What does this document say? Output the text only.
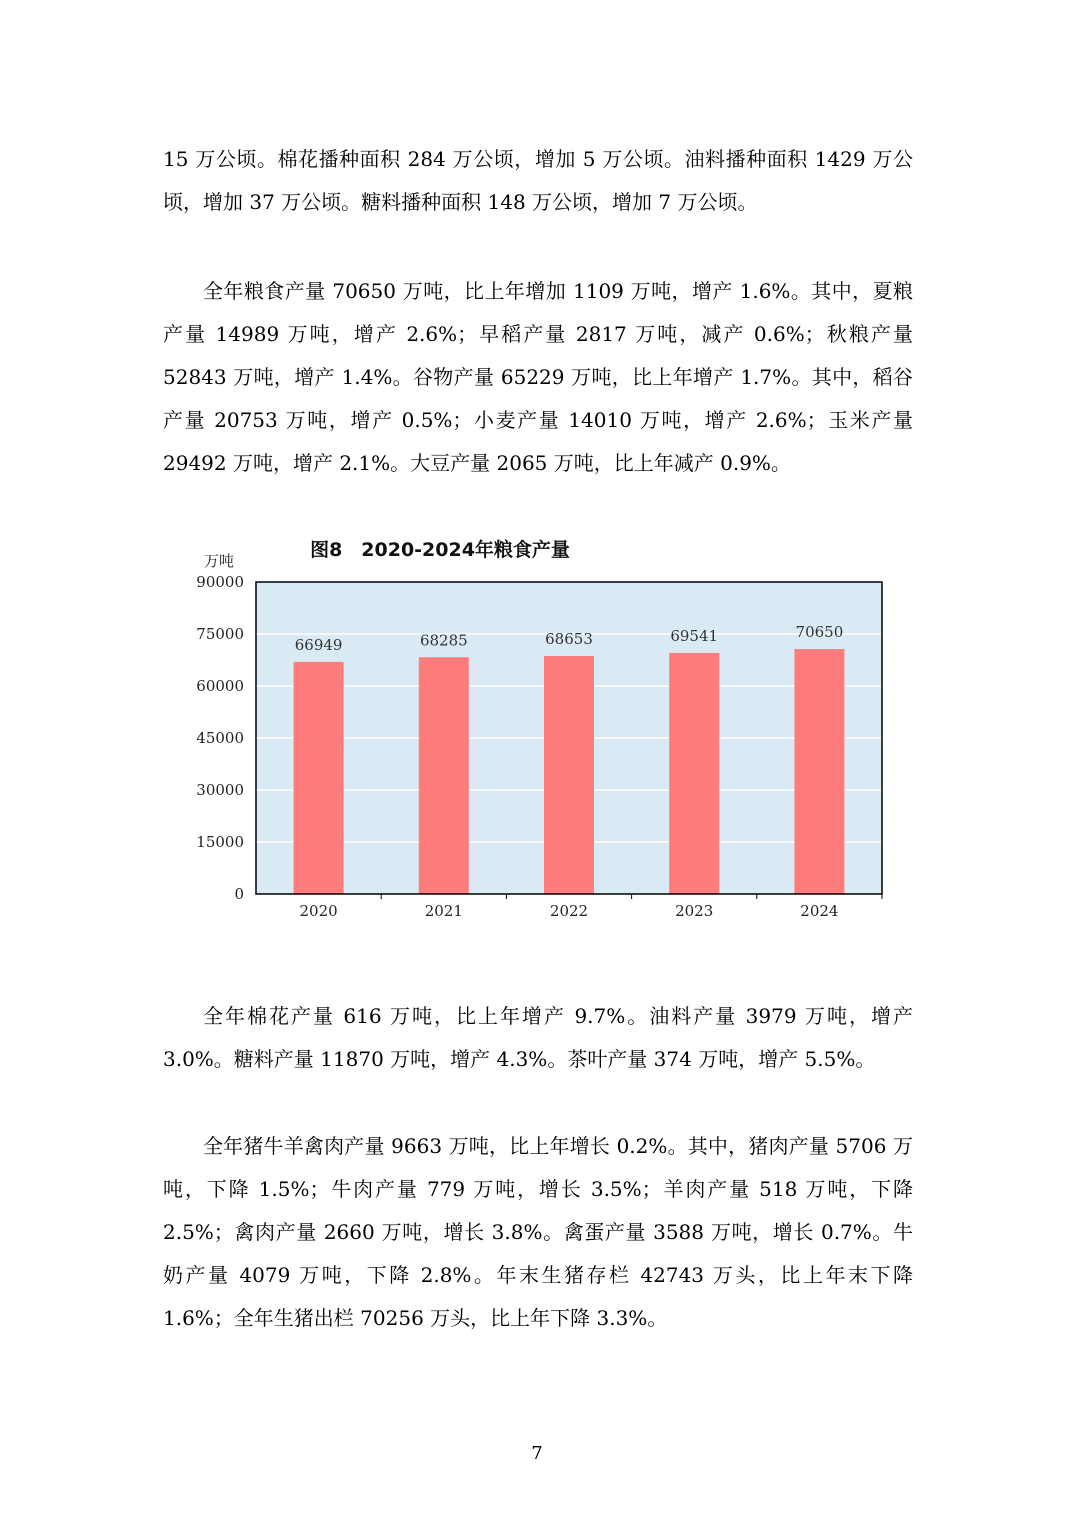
15 万公顷。棉花播种面积 284 万公顷，增加 5 万公顷。油料播种面积 1429 万公顷，增加 37 万公顷。糖料播种面积 148 万公顷，增加 7 万公顷。

全年粮食产量 70650 万吨，比上年增加 1109 万吨，增产 1.6%。其中，夏粮产量 14989 万吨，增产 2.6%；早稻产量 2817 万吨，减产 0.6%；秋粮产量 52843 万吨，增产 1.4%。谷物产量 65229 万吨，比上年增产 1.7%。其中，稻谷产量 20753 万吨，增产 0.5%；小麦产量 14010 万吨，增产 2.6%；玉米产量 29492 万吨，增产 2.1%。大豆产量 2065 万吨，比上年减产 0.9%。

图8　2020-2024年粮食产量
万吨
0
15000
30000
45000
60000
75000
90000
66949
2020
68285
2021
68653
2022
69541
2023
70650
2024

全年棉花产量 616 万吨，比上年增产 9.7%。油料产量 3979 万吨，增产 3.0%。糖料产量 11870 万吨，增产 4.3%。茶叶产量 374 万吨，增产 5.5%。

全年猪牛羊禽肉产量 9663 万吨，比上年增长 0.2%。其中，猪肉产量 5706 万吨，下降 1.5%；牛肉产量 779 万吨，增长 3.5%；羊肉产量 518 万吨，下降 2.5%；禽肉产量 2660 万吨，增长 3.8%。禽蛋产量 3588 万吨，增长 0.7%。牛奶产量 4079 万吨，下降 2.8%。年末生猪存栏 42743 万头，比上年末下降 1.6%；全年生猪出栏 70256 万头，比上年下降 3.3%。

7
